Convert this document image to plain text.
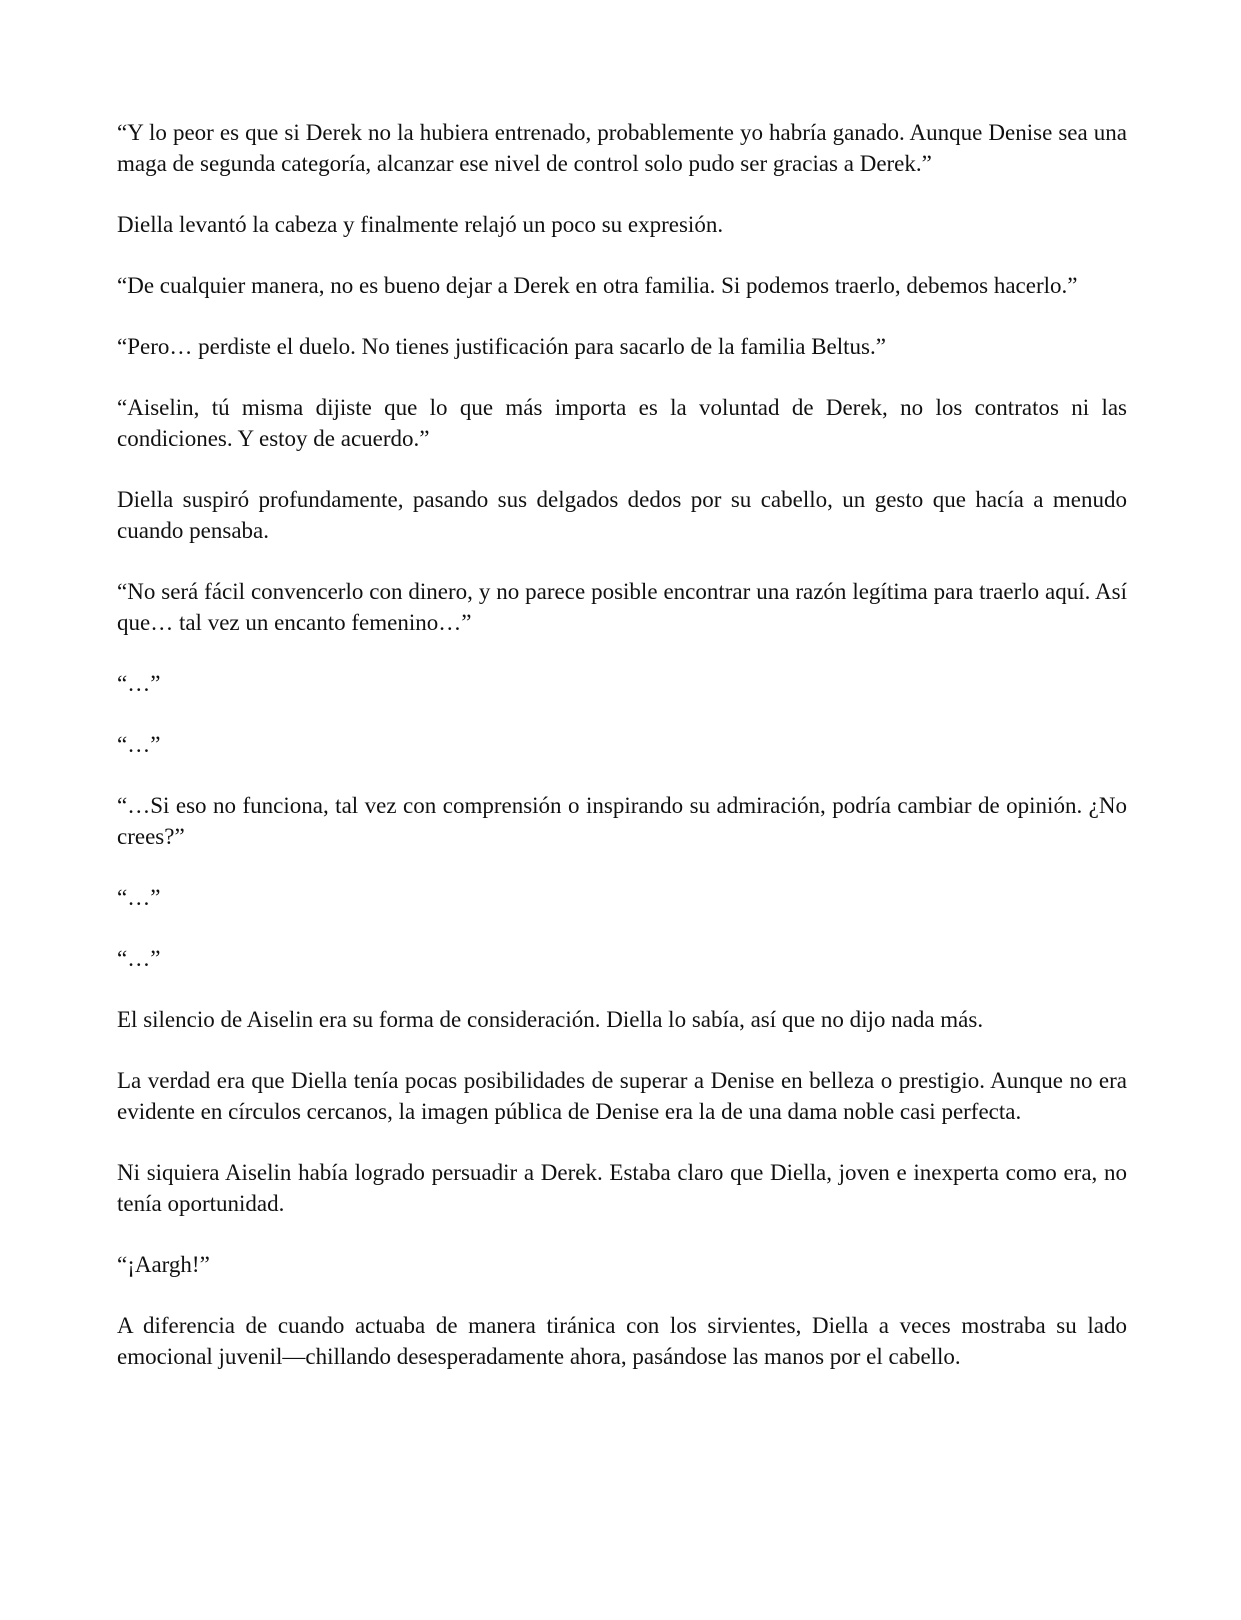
“Y lo peor es que si Derek no la hubiera entrenado, probablemente yo habría ganado. Aunque Denise sea una maga de segunda categoría, alcanzar ese nivel de control solo pudo ser gracias a Derek.”

Diella levantó la cabeza y finalmente relajó un poco su expresión.

“De cualquier manera, no es bueno dejar a Derek en otra familia. Si podemos traerlo, debemos hacerlo.”

“Pero… perdiste el duelo. No tienes justificación para sacarlo de la familia Beltus.”

“Aiselin, tú misma dijiste que lo que más importa es la voluntad de Derek, no los contratos ni las condiciones. Y estoy de acuerdo.”

Diella suspiró profundamente, pasando sus delgados dedos por su cabello, un gesto que hacía a menudo cuando pensaba.

“No será fácil convencerlo con dinero, y no parece posible encontrar una razón legítima para traerlo aquí. Así que… tal vez un encanto femenino…”

“…”

“…”

“…Si eso no funciona, tal vez con comprensión o inspirando su admiración, podría cambiar de opinión. ¿No crees?”

“…”

“…”

El silencio de Aiselin era su forma de consideración. Diella lo sabía, así que no dijo nada más.

La verdad era que Diella tenía pocas posibilidades de superar a Denise en belleza o prestigio. Aunque no era evidente en círculos cercanos, la imagen pública de Denise era la de una dama noble casi perfecta.

Ni siquiera Aiselin había logrado persuadir a Derek. Estaba claro que Diella, joven e inexperta como era, no tenía oportunidad.

“¡Aargh!”

A diferencia de cuando actuaba de manera tiránica con los sirvientes, Diella a veces mostraba su lado emocional juvenil—chillando desesperadamente ahora, pasándose las manos por el cabello.
